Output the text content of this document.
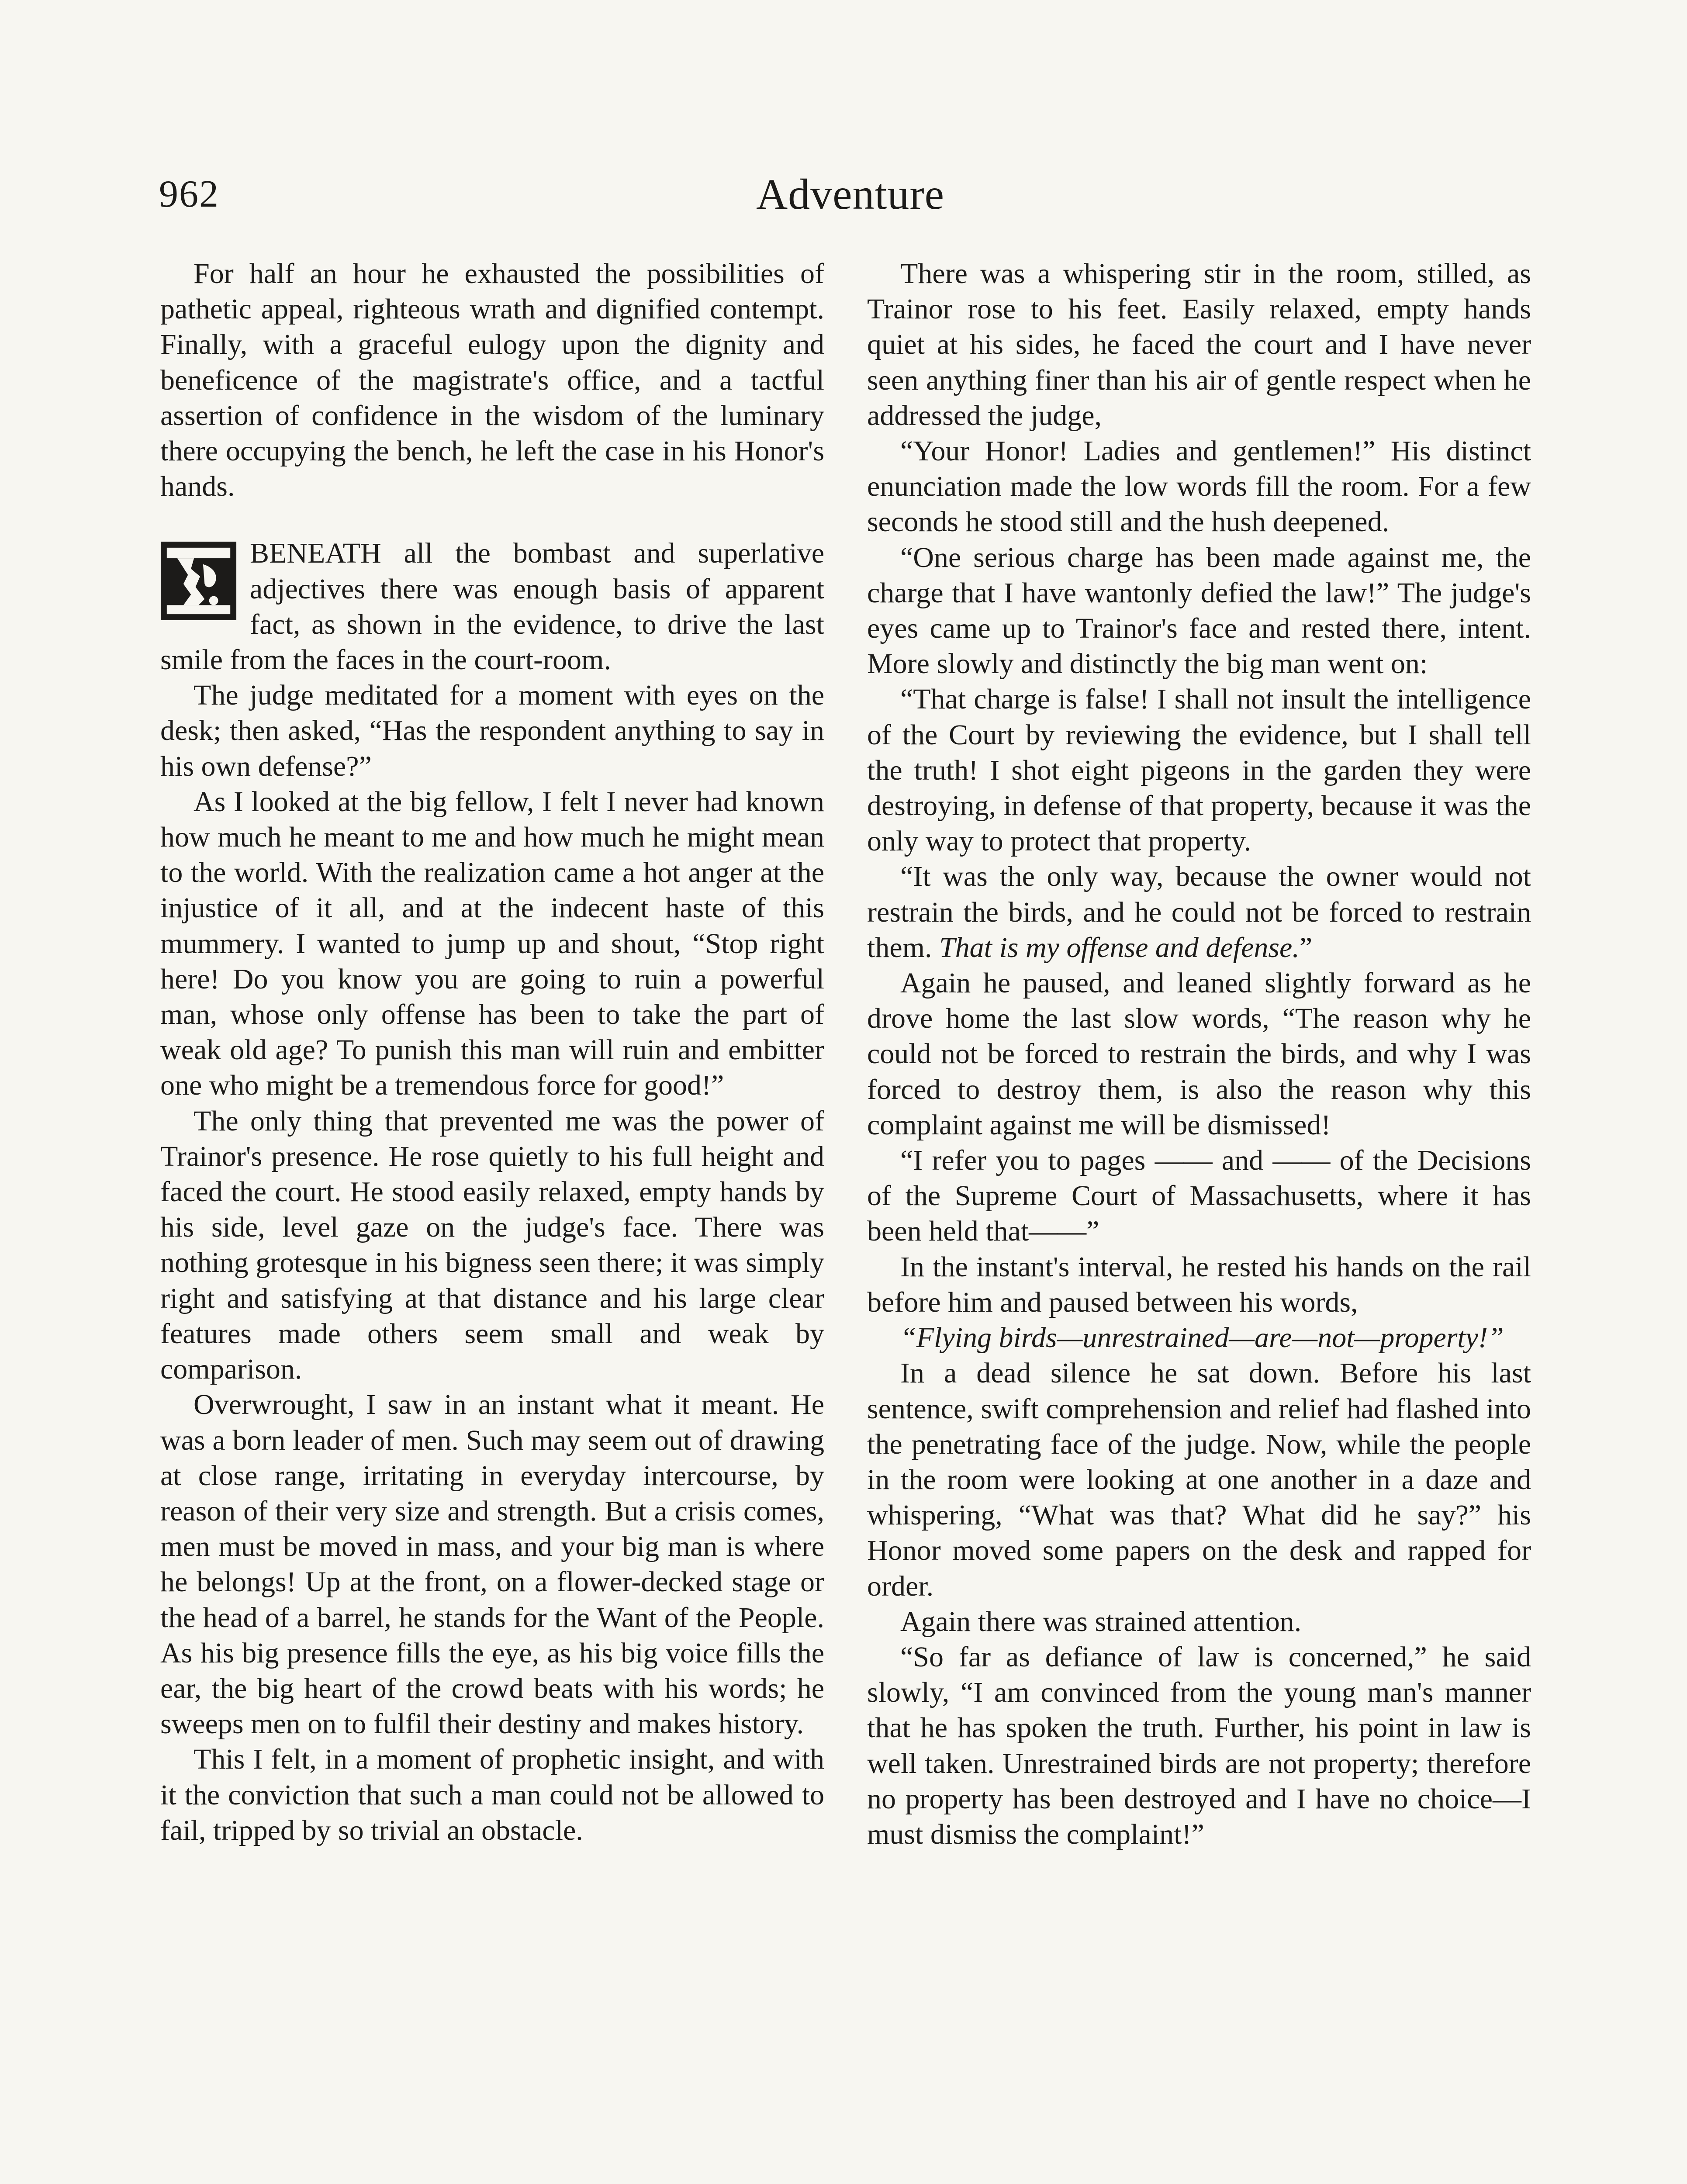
962	Adventure

For half an hour he exhausted the possibilities of pathetic appeal, righteous wrath and dignified contempt. Finally, with a graceful eulogy upon the dignity and beneficence of the magistrate's office, and a tactful assertion of confidence in the wisdom of the luminary there occupying the bench, he left the case in his Honor's hands.

BENEATH all the bombast and superlative adjectives there was enough basis of apparent fact, as shown in the evidence, to drive the last smile from the faces in the court-room.

The judge meditated for a moment with eyes on the desk; then asked, “Has the respondent anything to say in his own defense?”

As I looked at the big fellow, I felt I never had known how much he meant to me and how much he might mean to the world. With the realization came a hot anger at the injustice of it all, and at the indecent haste of this mummery. I wanted to jump up and shout, “Stop right here! Do you know you are going to ruin a powerful man, whose only offense has been to take the part of weak old age? To punish this man will ruin and embitter one who might be a tremendous force for good!”

The only thing that prevented me was the power of Trainor's presence. He rose quietly to his full height and faced the court. He stood easily relaxed, empty hands by his side, level gaze on the judge's face. There was nothing grotesque in his bigness seen there; it was simply right and satisfying at that distance and his large clear features made others seem small and weak by comparison.

Overwrought, I saw in an instant what it meant. He was a born leader of men. Such may seem out of drawing at close range, irritating in everyday intercourse, by reason of their very size and strength. But a crisis comes, men must be moved in mass, and your big man is where he belongs! Up at the front, on a flower-decked stage or the head of a barrel, he stands for the Want of the People. As his big presence fills the eye, as his big voice fills the ear, the big heart of the crowd beats with his words; he sweeps men on to fulfil their destiny and makes history.

This I felt, in a moment of prophetic insight, and with it the conviction that such a man could not be allowed to fail, tripped by so trivial an obstacle.

There was a whispering stir in the room, stilled, as Trainor rose to his feet. Easily relaxed, empty hands quiet at his sides, he faced the court and I have never seen anything finer than his air of gentle respect when he addressed the judge,

“Your Honor! Ladies and gentlemen!” His distinct enunciation made the low words fill the room. For a few seconds he stood still and the hush deepened.

“One serious charge has been made against me, the charge that I have wantonly defied the law!” The judge's eyes came up to Trainor's face and rested there, intent. More slowly and distinctly the big man went on:

“That charge is false! I shall not insult the intelligence of the Court by reviewing the evidence, but I shall tell the truth! I shot eight pigeons in the garden they were destroying, in defense of that property, because it was the only way to protect that property.

“It was the only way, because the owner would not restrain the birds, and he could not be forced to restrain them. That is my offense and defense.”

Again he paused, and leaned slightly forward as he drove home the last slow words, “The reason why he could not be forced to restrain the birds, and why I was forced to destroy them, is also the reason why this complaint against me will be dismissed!

“I refer you to pages —— and —— of the Decisions of the Supreme Court of Massachusetts, where it has been held that——”

In the instant's interval, he rested his hands on the rail before him and paused between his words,

“Flying birds—unrestrained—are—not—property!”

In a dead silence he sat down. Before his last sentence, swift comprehension and relief had flashed into the penetrating face of the judge. Now, while the people in the room were looking at one another in a daze and whispering, “What was that? What did he say?” his Honor moved some papers on the desk and rapped for order.

Again there was strained attention.

“So far as defiance of law is concerned,” he said slowly, “I am convinced from the young man's manner that he has spoken the truth. Further, his point in law is well taken. Unrestrained birds are not property; therefore no property has been destroyed and I have no choice—I must dismiss the complaint!”
